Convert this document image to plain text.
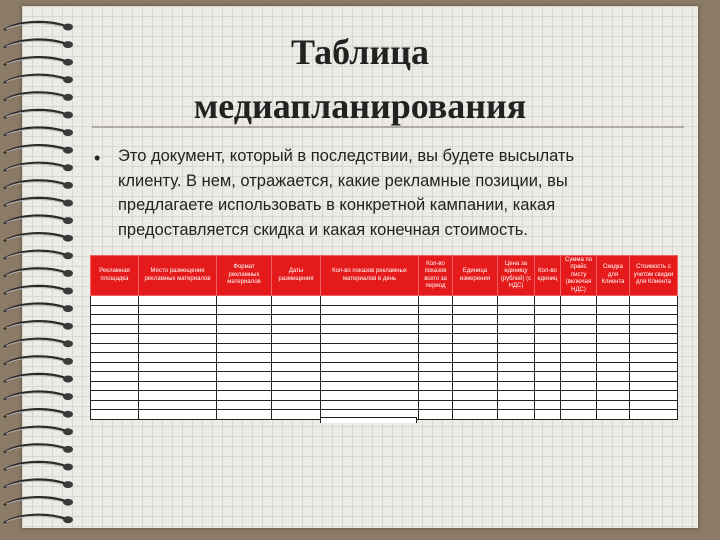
Таблица
медиапланирования
• Это документ, который в последствии, вы будете высылать клиенту. В нем, отражается, какие рекламные позиции, вы предлагаете использовать в конкретной кампании, какая предоставляется скидка и какая конечная стоимость.
Рекламная площадка	Место размещения рекламных материалов	Формат рекламных материалов	Даты размещения	Кол-во показов рекламных материалов в день	Кол-во показов всего за период	Единица измерения	Цена за единицу (рублей) (с НДС)	Кол-во единиц	Сумма по прайс листу (включая НДС)	Скидка для Клиента	Стоимость с учетом скидки для Клиента
